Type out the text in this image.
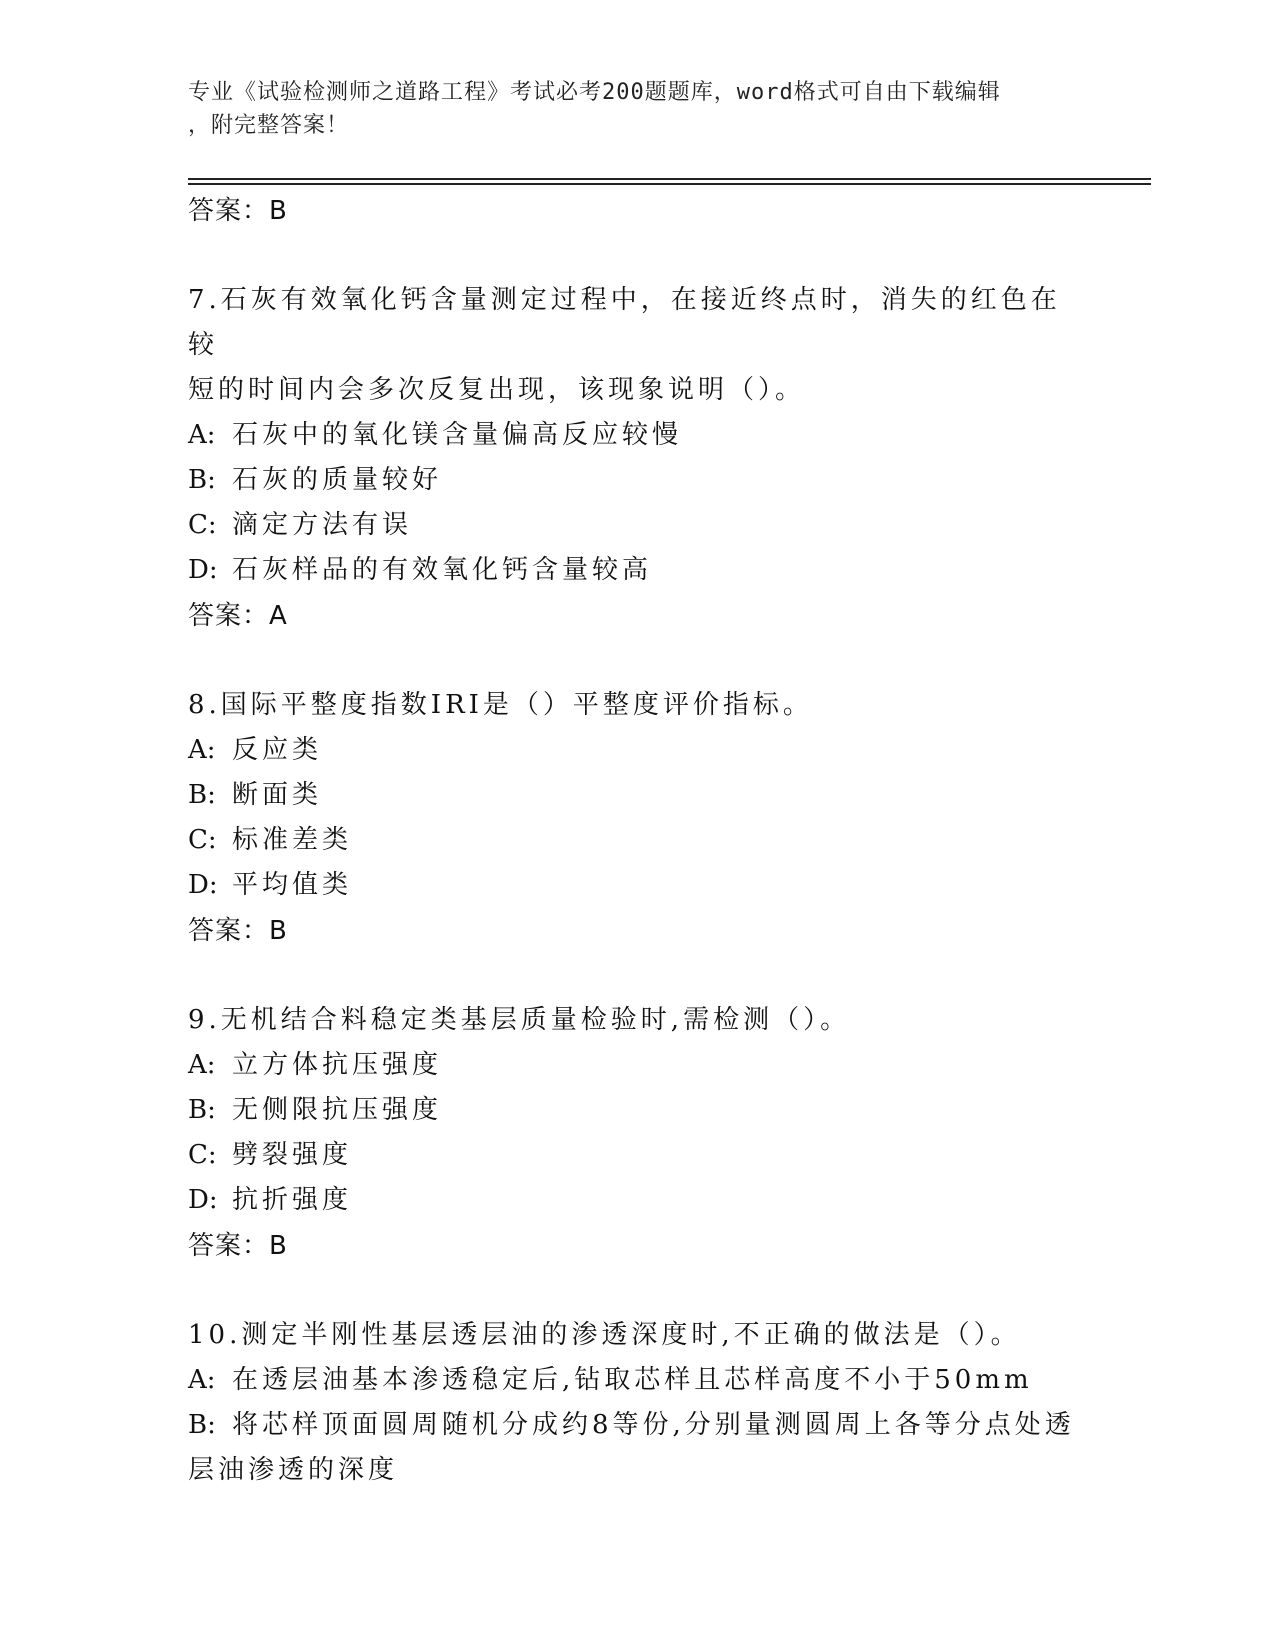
专业《试验检测师之道路工程》考试必考200题题库，word格式可自由下载编辑
，附完整答案！

答案：B

7.石灰有效氧化钙含量测定过程中，在接近终点时，消失的红色在较

短的时间内会多次反复出现，该现象说明（）。

A: 石灰中的氧化镁含量偏高反应较慢

B: 石灰的质量较好

C: 滴定方法有误

D: 石灰样品的有效氧化钙含量较高

答案：A

8.国际平整度指数IRI是（）平整度评价指标。

A: 反应类

B: 断面类

C: 标准差类

D: 平均值类

答案：B

9.无机结合料稳定类基层质量检验时,需检测（）。

A: 立方体抗压强度

B: 无侧限抗压强度

C: 劈裂强度

D: 抗折强度

答案：B

10.测定半刚性基层透层油的渗透深度时,不正确的做法是（）。

A: 在透层油基本渗透稳定后,钻取芯样且芯样高度不小于50mm

B: 将芯样顶面圆周随机分成约8等份,分别量测圆周上各等分点处透

层油渗透的深度
